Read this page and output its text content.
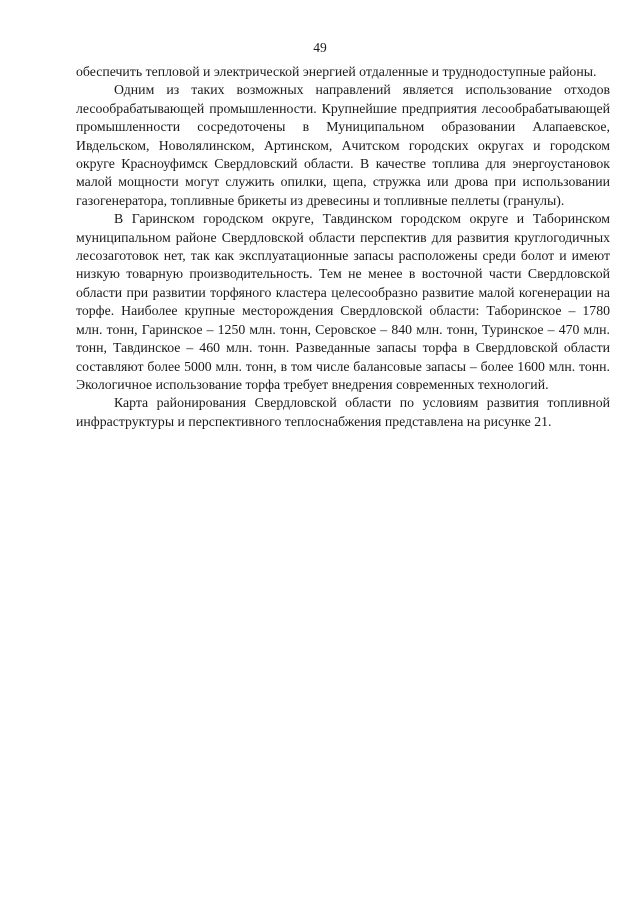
49

обеспечить тепловой и электрической энергией отдаленные и труднодоступные районы.

Одним из таких возможных направлений является использование отходов лесообрабатывающей промышленности. Крупнейшие предприятия лесообрабатывающей промышленности сосредоточены в Муниципальном образовании Алапаевское, Ивдельском, Новолялинском, Артинском, Ачитском городских округах и городском округе Красноуфимск Свердловский области. В качестве топлива для энергоустановок малой мощности могут служить опилки, щепа, стружка или дрова при использовании газогенератора, топливные брикеты из древесины и топливные пеллеты (гранулы).

В Гаринском городском округе, Тавдинском городском округе и Таборинском муниципальном районе Свердловской области перспектив для развития круглогодичных лесозаготовок нет, так как эксплуатационные запасы расположены среди болот и имеют низкую товарную производительность. Тем не менее в восточной части Свердловской области при развитии торфяного кластера целесообразно развитие малой когенерации на торфе. Наиболее крупные месторождения Свердловской области: Таборинское – 1780 млн. тонн, Гаринское – 1250 млн. тонн, Серовское – 840 млн. тонн, Туринское – 470 млн. тонн, Тавдинское – 460 млн. тонн. Разведанные запасы торфа в Свердловской области составляют более 5000 млн. тонн, в том числе балансовые запасы – более 1600 млн. тонн. Экологичное использование торфа требует внедрения современных технологий.

Карта районирования Свердловской области по условиям развития топливной инфраструктуры и перспективного теплоснабжения представлена на рисунке 21.
